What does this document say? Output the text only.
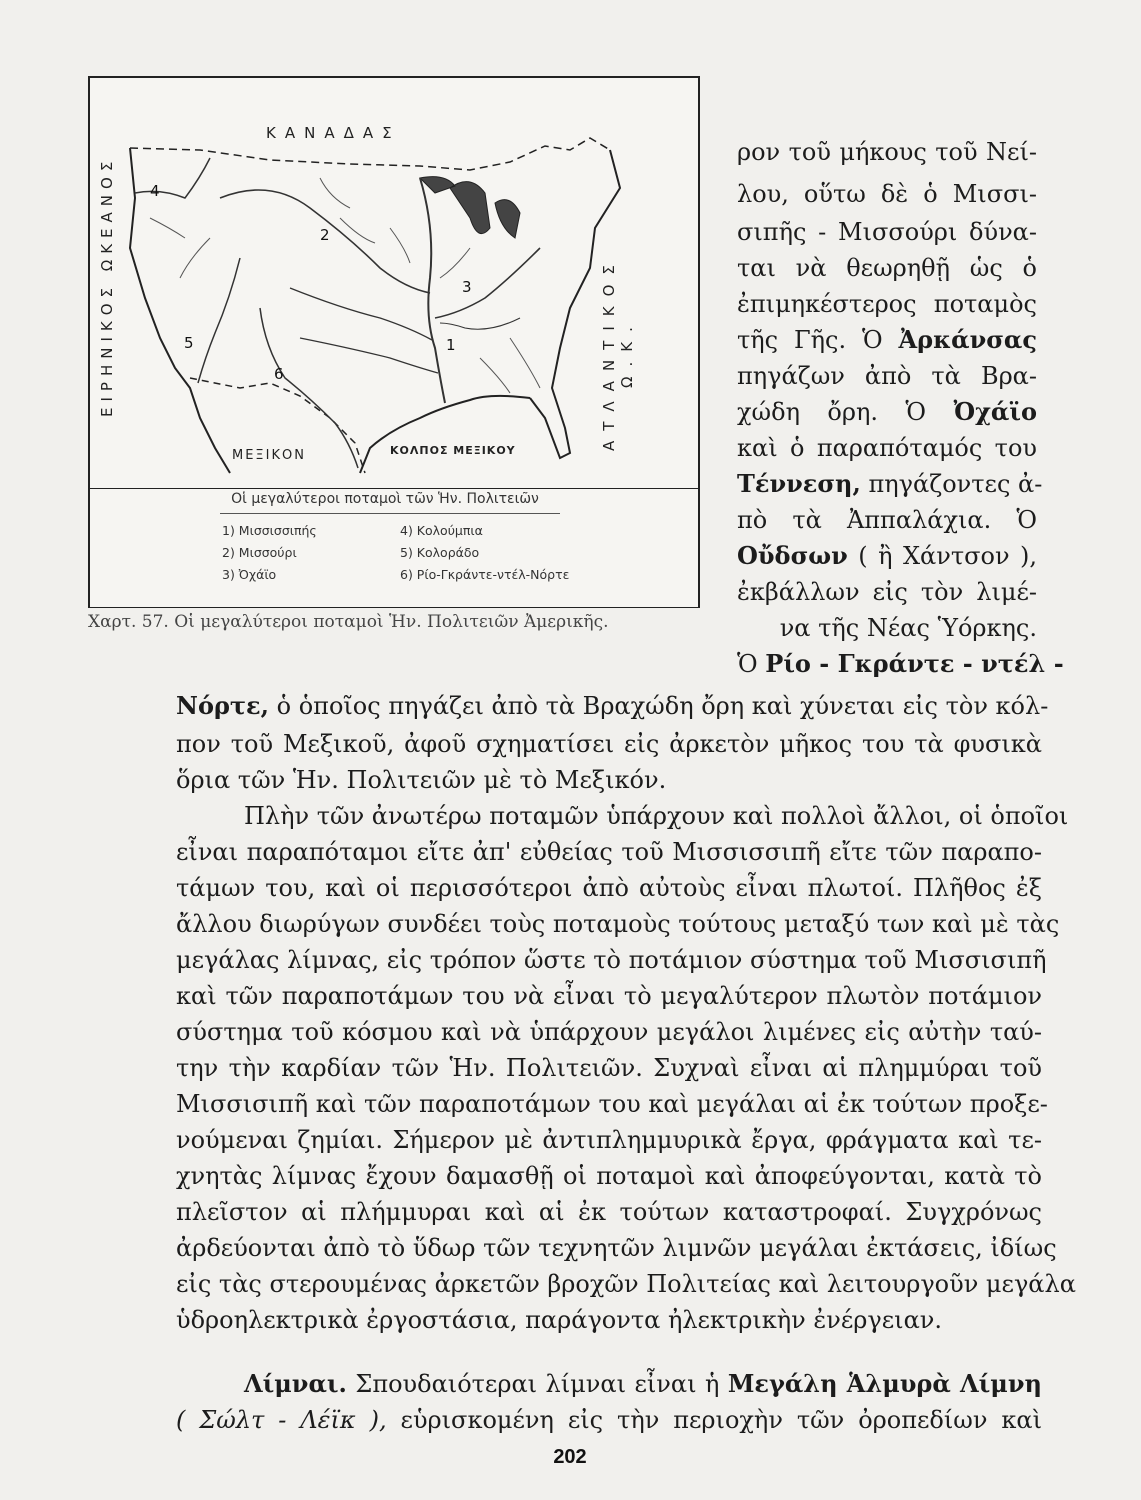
ΚΑΝΑΔΑΣ
ΕΙΡΗΝΙΚΟΣ ΩΚΕΑΝΟΣ	ΑΤΛΑΝΤΙΚΟΣ Ω.Κ.
ΜΕΞΙΚΟΝ	ΚΟΛΠΟΣ ΜΕΞΙΚΟΥ
1
2
3
4
5
6
Οἱ μεγαλύτεροι ποταμοὶ τῶν Ἡν. Πολιτειῶν
1) Μισσισσιπής
2) Μισσούρι
3) Ὀχάϊο
4) Κολούμπια
5) Κολοράδο
6) Ρίο-Γκράντε-ντέλ-Νόρτε
Χαρτ. 57. Οἱ μεγαλύτεροι ποταμοὶ Ἡν. Πολιτειῶν Ἀμερικῆς.
ρον τοῦ μήκους τοῦ Νεί-
λου, οὕτω δὲ ὁ Μισσι-
σιπῆς - Μισσούρι δύνα-
ται νὰ θεωρηθῇ ὡς ὁ
ἐπιμηκέστερος ποταμὸς
τῆς Γῆς. Ὁ Ἀρκάνσας
πηγάζων ἀπὸ τὰ Βρα-
χώδη ὄρη. Ὁ Ὀχάϊο
καὶ ὁ παραπόταμός του
Τέννεση, πηγάζοντες ἀ-
πὸ τὰ Ἀππαλάχια. Ὁ
Οὔδσων ( ἢ Χάντσον ),
ἐκβάλλων εἰς τὸν λιμέ-
να τῆς Νέας Ὑόρκης.
Ὁ Ρίο - Γκράντε - ντέλ -
Νόρτε, ὁ ὁποῖος πηγάζει ἀπὸ τὰ Βραχώδη ὄρη καὶ χύνεται εἰς τὸν κόλ-
πον τοῦ Μεξικοῦ, ἀφοῦ σχηματίσει εἰς ἀρκετὸν μῆκος του τὰ φυσικὰ
ὅρια τῶν Ἡν. Πολιτειῶν μὲ τὸ Μεξικόν.
Πλὴν τῶν ἀνωτέρω ποταμῶν ὑπάρχουν καὶ πολλοὶ ἄλλοι, οἱ ὁποῖοι
εἶναι παραπόταμοι εἴτε ἀπ' εὐθείας τοῦ Μισσισσιπῆ εἴτε τῶν παραπο-
τάμων του, καὶ οἱ περισσότεροι ἀπὸ αὐτοὺς εἶναι πλωτοί. Πλῆθος ἐξ
ἄλλου διωρύγων συνδέει τοὺς ποταμοὺς τούτους μεταξύ των καὶ μὲ τὰς
μεγάλας λίμνας, εἰς τρόπον ὥστε τὸ ποτάμιον σύστημα τοῦ Μισσισιπῆ
καὶ τῶν παραποτάμων του νὰ εἶναι τὸ μεγαλύτερον πλωτὸν ποτάμιον
σύστημα τοῦ κόσμου καὶ νὰ ὑπάρχουν μεγάλοι λιμένες εἰς αὐτὴν ταύ-
την τὴν καρδίαν τῶν Ἡν. Πολιτειῶν. Συχναὶ εἶναι αἱ πλημμύραι τοῦ
Μισσισιπῆ καὶ τῶν παραποτάμων του καὶ μεγάλαι αἱ ἐκ τούτων προξε-
νούμεναι ζημίαι. Σήμερον μὲ ἀντιπλημμυρικὰ ἔργα, φράγματα καὶ τε-
χνητὰς λίμνας ἔχουν δαμασθῇ οἱ ποταμοὶ καὶ ἀποφεύγονται, κατὰ τὸ
πλεῖστον αἱ πλήμμυραι καὶ αἱ ἐκ τούτων καταστροφαί. Συγχρόνως
ἀρδεύονται ἀπὸ τὸ ὕδωρ τῶν τεχνητῶν λιμνῶν μεγάλαι ἐκτάσεις, ἰδίως
εἰς τὰς στερουμένας ἀρκετῶν βροχῶν Πολιτείας καὶ λειτουργοῦν μεγάλα
ὑδροηλεκτρικὰ ἐργοστάσια, παράγοντα ἠλεκτρικὴν ἐνέργειαν.
Λίμναι. Σπουδαιότεραι λίμναι εἶναι ἡ Μεγάλη Ἁλμυρὰ Λίμνη
( Σώλτ - Λέϊκ ), εὑρισκομένη εἰς τὴν περιοχὴν τῶν ὀροπεδίων καὶ
202
